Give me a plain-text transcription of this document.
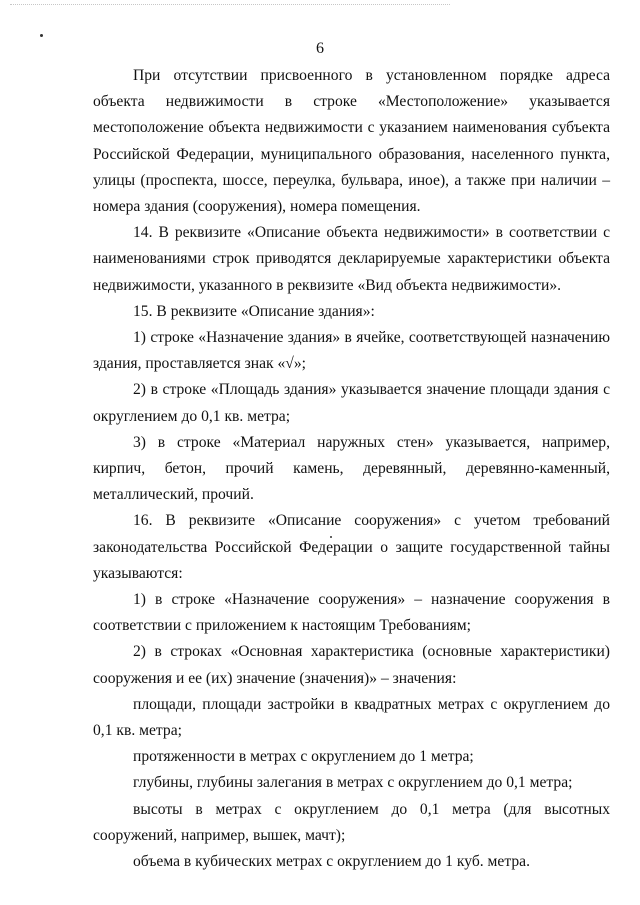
6

При отсутствии присвоенного в установленном порядке адреса объекта недвижимости в строке «Местоположение» указывается местоположение объекта недвижимости с указанием наименования субъекта Российской Федерации, муниципального образования, населенного пункта, улицы (проспекта, шоссе, переулка, бульвара, иное), а также при наличии – номера здания (сооружения), номера помещения.

14. В реквизите «Описание объекта недвижимости» в соответствии с наименованиями строк приводятся декларируемые характеристики объекта недвижимости, указанного в реквизите «Вид объекта недвижимости».

15. В реквизите «Описание здания»:

1) строке «Назначение здания» в ячейке, соответствующей назначению здания, проставляется знак «√»;

2) в строке «Площадь здания» указывается значение площади здания с округлением до 0,1 кв. метра;

3) в строке «Материал наружных стен» указывается, например, кирпич, бетон, прочий камень, деревянный, деревянно-каменный, металлический, прочий.

16. В реквизите «Описание сооружения» с учетом требований законодательства Российской Федерации о защите государственной тайны указываются:

1) в строке «Назначение сооружения» – назначение сооружения в соответствии с приложением к настоящим Требованиям;

2) в строках «Основная характеристика (основные характеристики) сооружения и ее (их) значение (значения)» – значения:

площади, площади застройки в квадратных метрах с округлением до 0,1 кв. метра;

протяженности в метрах с округлением до 1 метра;

глубины, глубины залегания в метрах с округлением до 0,1 метра;

высоты в метрах с округлением до 0,1 метра (для высотных сооружений, например, вышек, мачт);

объема в кубических метрах с округлением до 1 куб. метра.
